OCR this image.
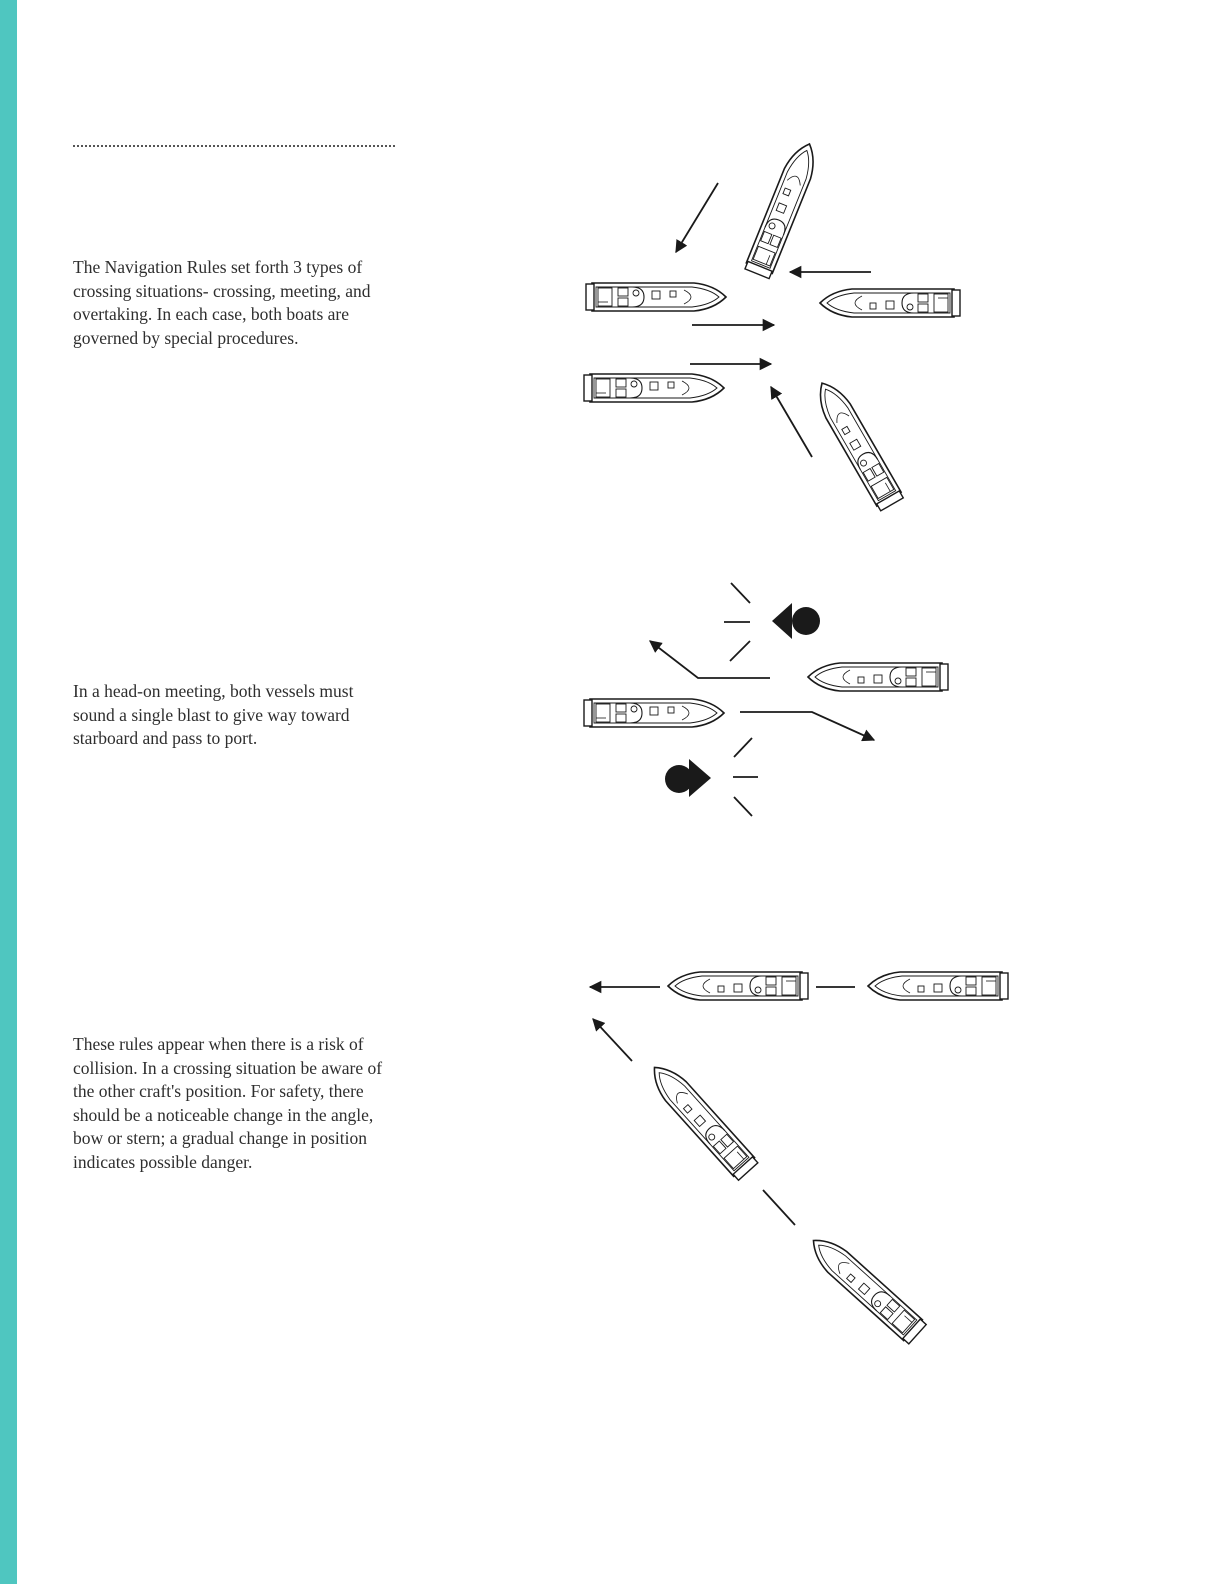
The Navigation Rules set forth 3 types of crossing situations- crossing, meeting, and overtaking. In each case, both boats are governed by special procedures.

In a head-on meeting, both vessels must sound a single blast to give way toward starboard and pass to port.

These rules appear when there is a risk of collision. In a crossing situation be aware of the other craft's position. For safety, there should be a noticeable change in the angle, bow or stern; a gradual change in position indicates possible danger.
